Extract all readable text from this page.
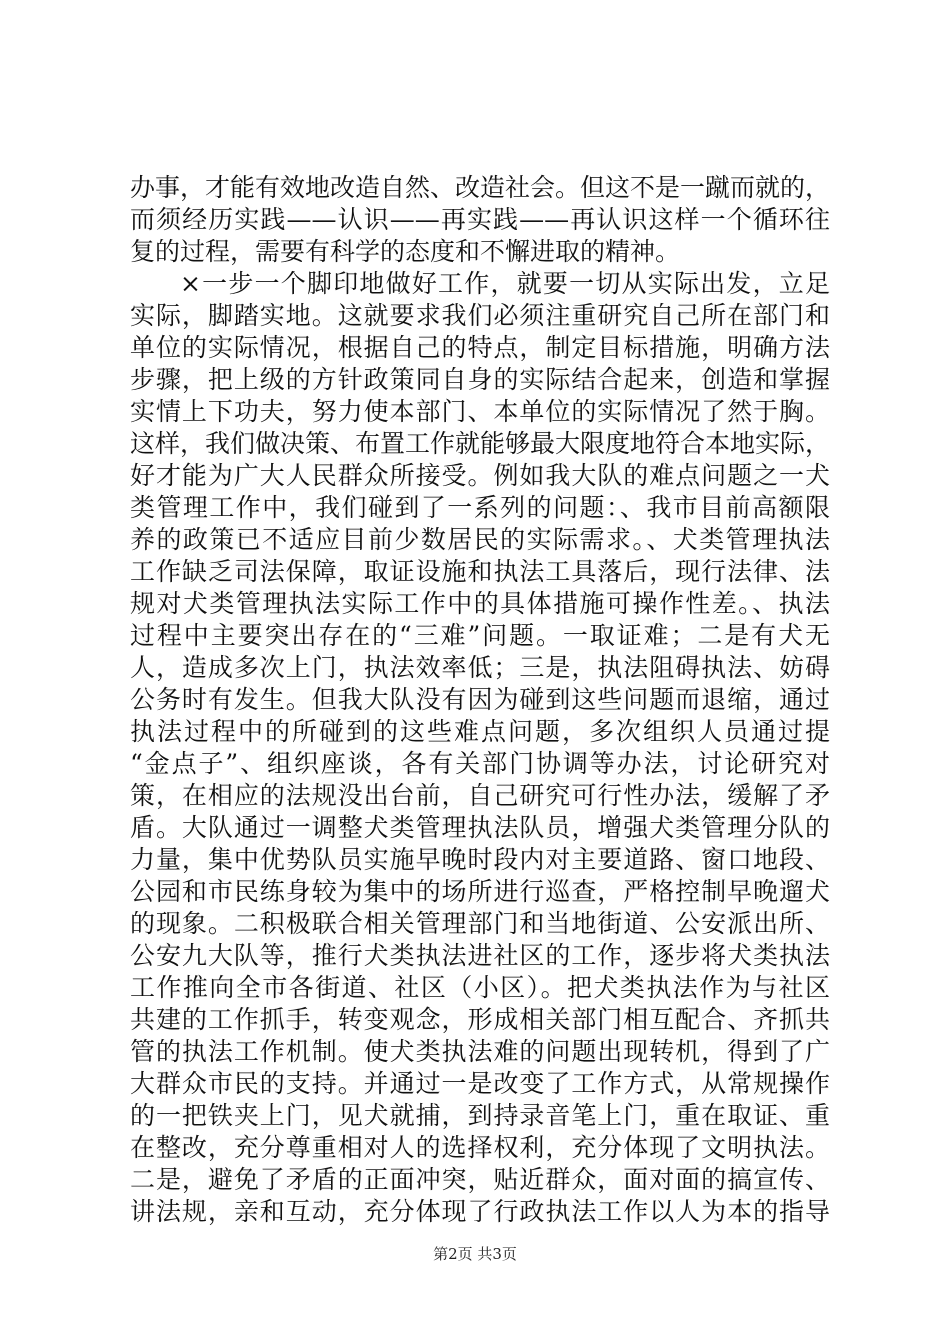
办事，才能有效地改造自然、改造社会。但这不是一蹴而就的，
而须经历实践——认识——再实践——再认识这样一个循环往
复的过程，需要有科学的态度和不懈进取的精神。
×一步一个脚印地做好工作，就要一切从实际出发，立足
实际，脚踏实地。这就要求我们必须注重研究自己所在部门和
单位的实际情况，根据自己的特点，制定目标措施，明确方法
步骤，把上级的方针政策同自身的实际结合起来，创造和掌握
实情上下功夫，努力使本部门、本单位的实际情况了然于胸。
这样，我们做决策、布置工作就能够最大限度地符合本地实际，
好才能为广大人民群众所接受。例如我大队的难点问题之一犬
类管理工作中，我们碰到了一系列的问题：、我市目前高额限
养的政策已不适应目前少数居民的实际需求。、犬类管理执法
工作缺乏司法保障，取证设施和执法工具落后，现行法律、法
规对犬类管理执法实际工作中的具体措施可操作性差。、执法
过程中主要突出存在的“三难”问题。一取证难；二是有犬无
人，造成多次上门，执法效率低；三是，执法阻碍执法、妨碍
公务时有发生。但我大队没有因为碰到这些问题而退缩，通过
执法过程中的所碰到的这些难点问题，多次组织人员通过提
“金点子”、组织座谈，各有关部门协调等办法，讨论研究对
策，在相应的法规没出台前，自己研究可行性办法，缓解了矛
盾。大队通过一调整犬类管理执法队员，增强犬类管理分队的
力量，集中优势队员实施早晚时段内对主要道路、窗口地段、
公园和市民练身较为集中的场所进行巡查，严格控制早晚遛犬
的现象。二积极联合相关管理部门和当地街道、公安派出所、
公安九大队等，推行犬类执法进社区的工作，逐步将犬类执法
工作推向全市各街道、社区（小区）。把犬类执法作为与社区
共建的工作抓手，转变观念，形成相关部门相互配合、齐抓共
管的执法工作机制。使犬类执法难的问题出现转机，得到了广
大群众市民的支持。并通过一是改变了工作方式，从常规操作
的一把铁夹上门，见犬就捕，到持录音笔上门，重在取证、重
在整改，充分尊重相对人的选择权利，充分体现了文明执法。
二是，避免了矛盾的正面冲突，贴近群众，面对面的搞宣传、
讲法规，亲和互动，充分体现了行政执法工作以人为本的指导
第2页 共3页
